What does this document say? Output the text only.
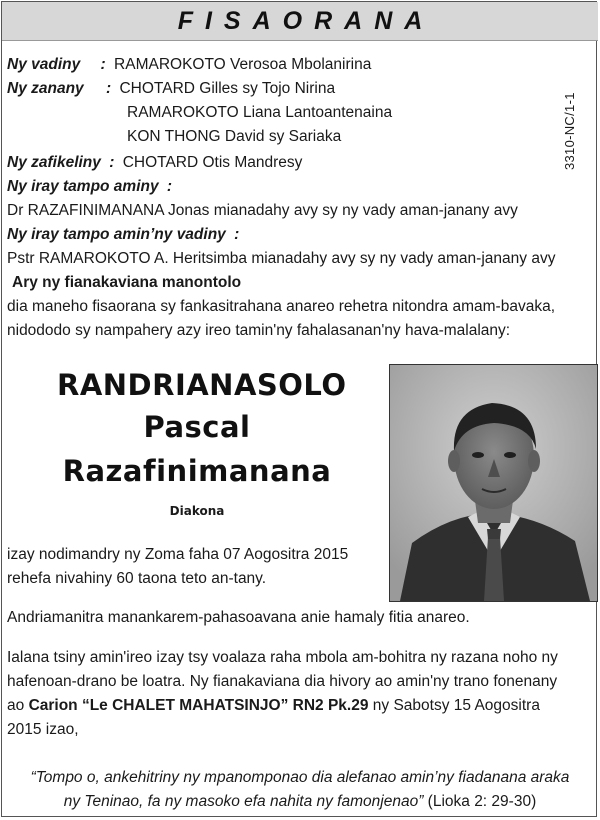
FISAORANA
Ny vadiny : RAMAROKOTO Verosoa Mbolanirina
Ny zanany : CHOTARD Gilles sy Tojo Nirina
RAMAROKOTO Liana Lantoantenaina
KON THONG David sy Sariaka
Ny zafikeliny : CHOTARD Otis Mandresy
Ny iray tampo aminy :
Dr RAZAFINIMANANA Jonas mianadahy avy sy ny vady aman-janany avy
Ny iray tampo amin’ny vadiny :
Pstr RAMAROKOTO A. Heritsimba mianadahy avy sy ny vady aman-janany avy
Ary ny fianakaviana manontolo
dia maneho fisaorana sy fankasitrahana anareo rehetra nitondra amam-bavaka,
nidododo sy nampahery azy ireo tamin'ny fahalasanan'ny hava-malalany:
3310-NC/1-1
RANDRIANASOLO
Pascal
Razafinimanana
Diakona
izay nodimandry ny Zoma faha 07 Aogositra 2015
rehefa nivahiny 60 taona teto an-tany.
Andriamanitra manankarem-pahasoavana anie hamaly fitia anareo.
Ialana tsiny amin'ireo izay tsy voalaza raha mbola am-bohitra ny razana noho ny
hafenoan-drano be loatra. Ny fianakaviana dia hivory ao amin'ny trano fonenany
ao Carion “Le CHALET MAHATSINJO” RN2 Pk.29 ny Sabotsy 15 Aogositra
2015 izao,
“Tompo o, ankehitriny ny mpanomponao dia alefanao amin’ny fiadanana araka
ny Teninao, fa ny masoko efa nahita ny famonjenao” (Lioka 2: 29-30)
